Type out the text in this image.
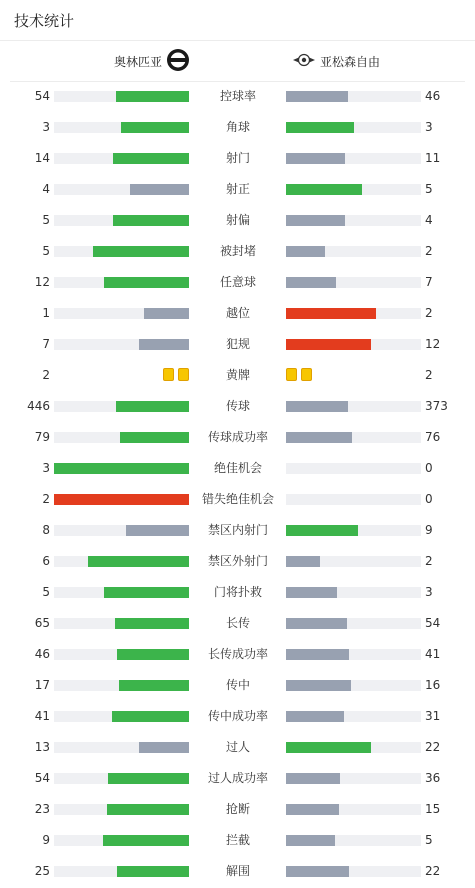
技术统计
奥林匹亚	亚松森自由
54	控球率	46
3	角球	3
14	射门	11
4	射正	5
5	射偏	4
5	被封堵	2
12	任意球	7
1	越位	2
7	犯规	12
2	黄牌	2
446	传球	373
79	传球成功率	76
3	绝佳机会	0
2	错失绝佳机会	0
8	禁区内射门	9
6	禁区外射门	2
5	门将扑救	3
65	长传	54
46	长传成功率	41
17	传中	16
41	传中成功率	31
13	过人	22
54	过人成功率	36
23	抢断	15
9	拦截	5
25	解围	22
